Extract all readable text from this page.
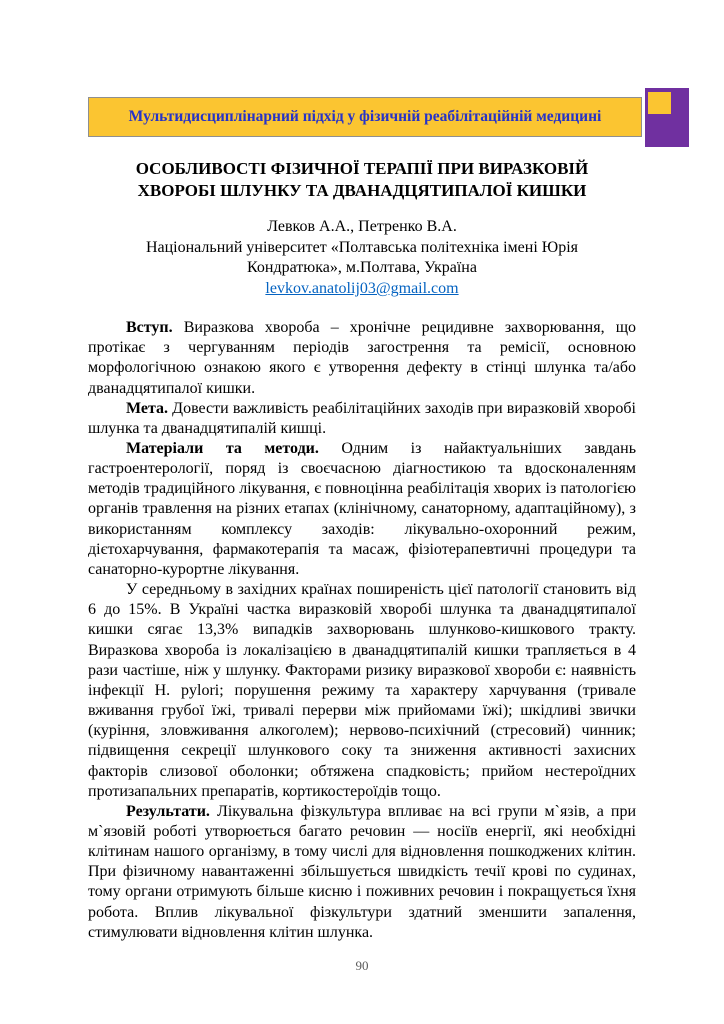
Мультидисциплінарний підхід у фізичній реабілітаційній медицині
ОСОБЛИВОСТІ ФІЗИЧНОЇ ТЕРАПІЇ ПРИ ВИРАЗКОВІЙ
ХВОРОБІ ШЛУНКУ ТА ДВАНАДЦЯТИПАЛОЇ КИШКИ

Левков А.А., Петренко В.А.

Національний університет «Полтавська політехніка імені Юрія
Кондратюка», м.Полтава, Україна

levkov.anatolij03@gmail.com

Вступ. Виразкова хвороба – хронічне рецидивне захворювання, що протікає з чергуванням періодів загострення та ремісії, основною морфологічною ознакою якого є утворення дефекту в стінці шлунка та/або дванадцятипалої кишки.

Мета. Довести важливість реабілітаційних заходів при виразковій хворобі шлунка та дванадцятипалій кишці.

Матеріали та методи. Одним із найактуальніших завдань гастроентерології, поряд із своєчасною діагностикою та вдосконаленням методів традиційного лікування, є повноцінна реабілітація хворих із патологією органів травлення на різних етапах (клінічному, санаторному, адаптаційному), з використанням комплексу заходів: лікувально-охоронний режим, дієтохарчування, фармакотерапія та масаж, фізіотерапевтичні процедури та санаторно-курортне лікування.

У середньому в західних країнах поширеність цієї патології становить від 6 до 15%. В Україні частка виразковій хворобі шлунка та дванадцятипалої кишки сягає 13,3% випадків захворювань шлунково-кишкового тракту. Виразкова хвороба із локалізацією в дванадцятипалій кишки трапляється в 4 рази частіше, ніж у шлунку. Факторами ризику виразкової хвороби є: наявність інфекції H. pylori; порушення режиму та характеру харчування (тривале вживання грубої їжі, тривалі перерви між прийомами їжі); шкідливі звички (куріння, зловживання алкоголем); нервово-психічний (стресовий) чинник; підвищення секреції шлункового соку та зниження активності захисних факторів слизової оболонки; обтяжена спадковість; прийом нестероїдних протизапальних препаратів, кортикостероїдів тощо.

Результати. Лікувальна фізкультура впливає на всі групи м`язів, а при м`язовій роботі утворюється багато речовин — носіїв енергії, які необхідні клітинам нашого організму, в тому числі для відновлення пошкоджених клітин. При фізичному навантаженні збільшується швидкість течії крові по судинах, тому органи отримують більше кисню і поживних речовин і покращується їхня робота. Вплив лікувальної фізкультури здатний зменшити запалення, стимулювати відновлення клітин шлунка.

90
